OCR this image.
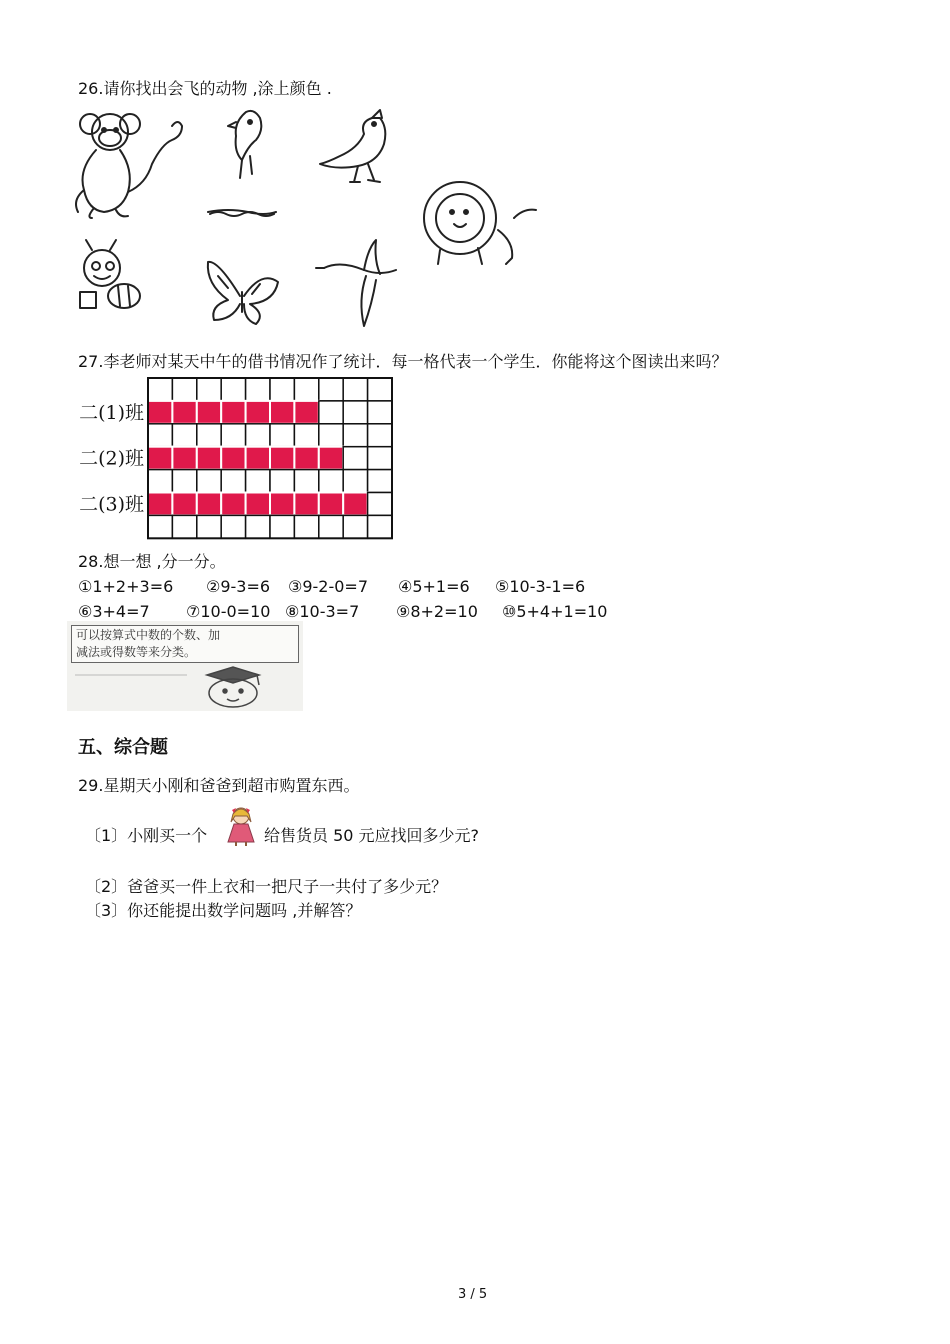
26.请你找出会飞的动物 ,涂上颜色 .
27.李老师对某天中午的借书情况作了统计．每一格代表一个学生．你能将这个图读出来吗？
二(1)班
二(2)班
二(3)班
28.想一想 ,分一分。
①1+2+3=6 ②9-3=6 ③9-2-0=7 ④5+1=6 ⑤10-3-1=6
⑥3+4=7 ⑦10-0=10 ⑧10-3=7 ⑨8+2=10 ⑩5+4+1=10
可以按算式中数的个数、加
减法或得数等来分类。
五、综合题
29.星期天小刚和爸爸到超市购置东西。
〔1〕小刚买一个	给售货员 50 元应找回多少元?
〔2〕爸爸买一件上衣和一把尺子一共付了多少元？
〔3〕你还能提出数学问题吗 ,并解答？
3 / 5
